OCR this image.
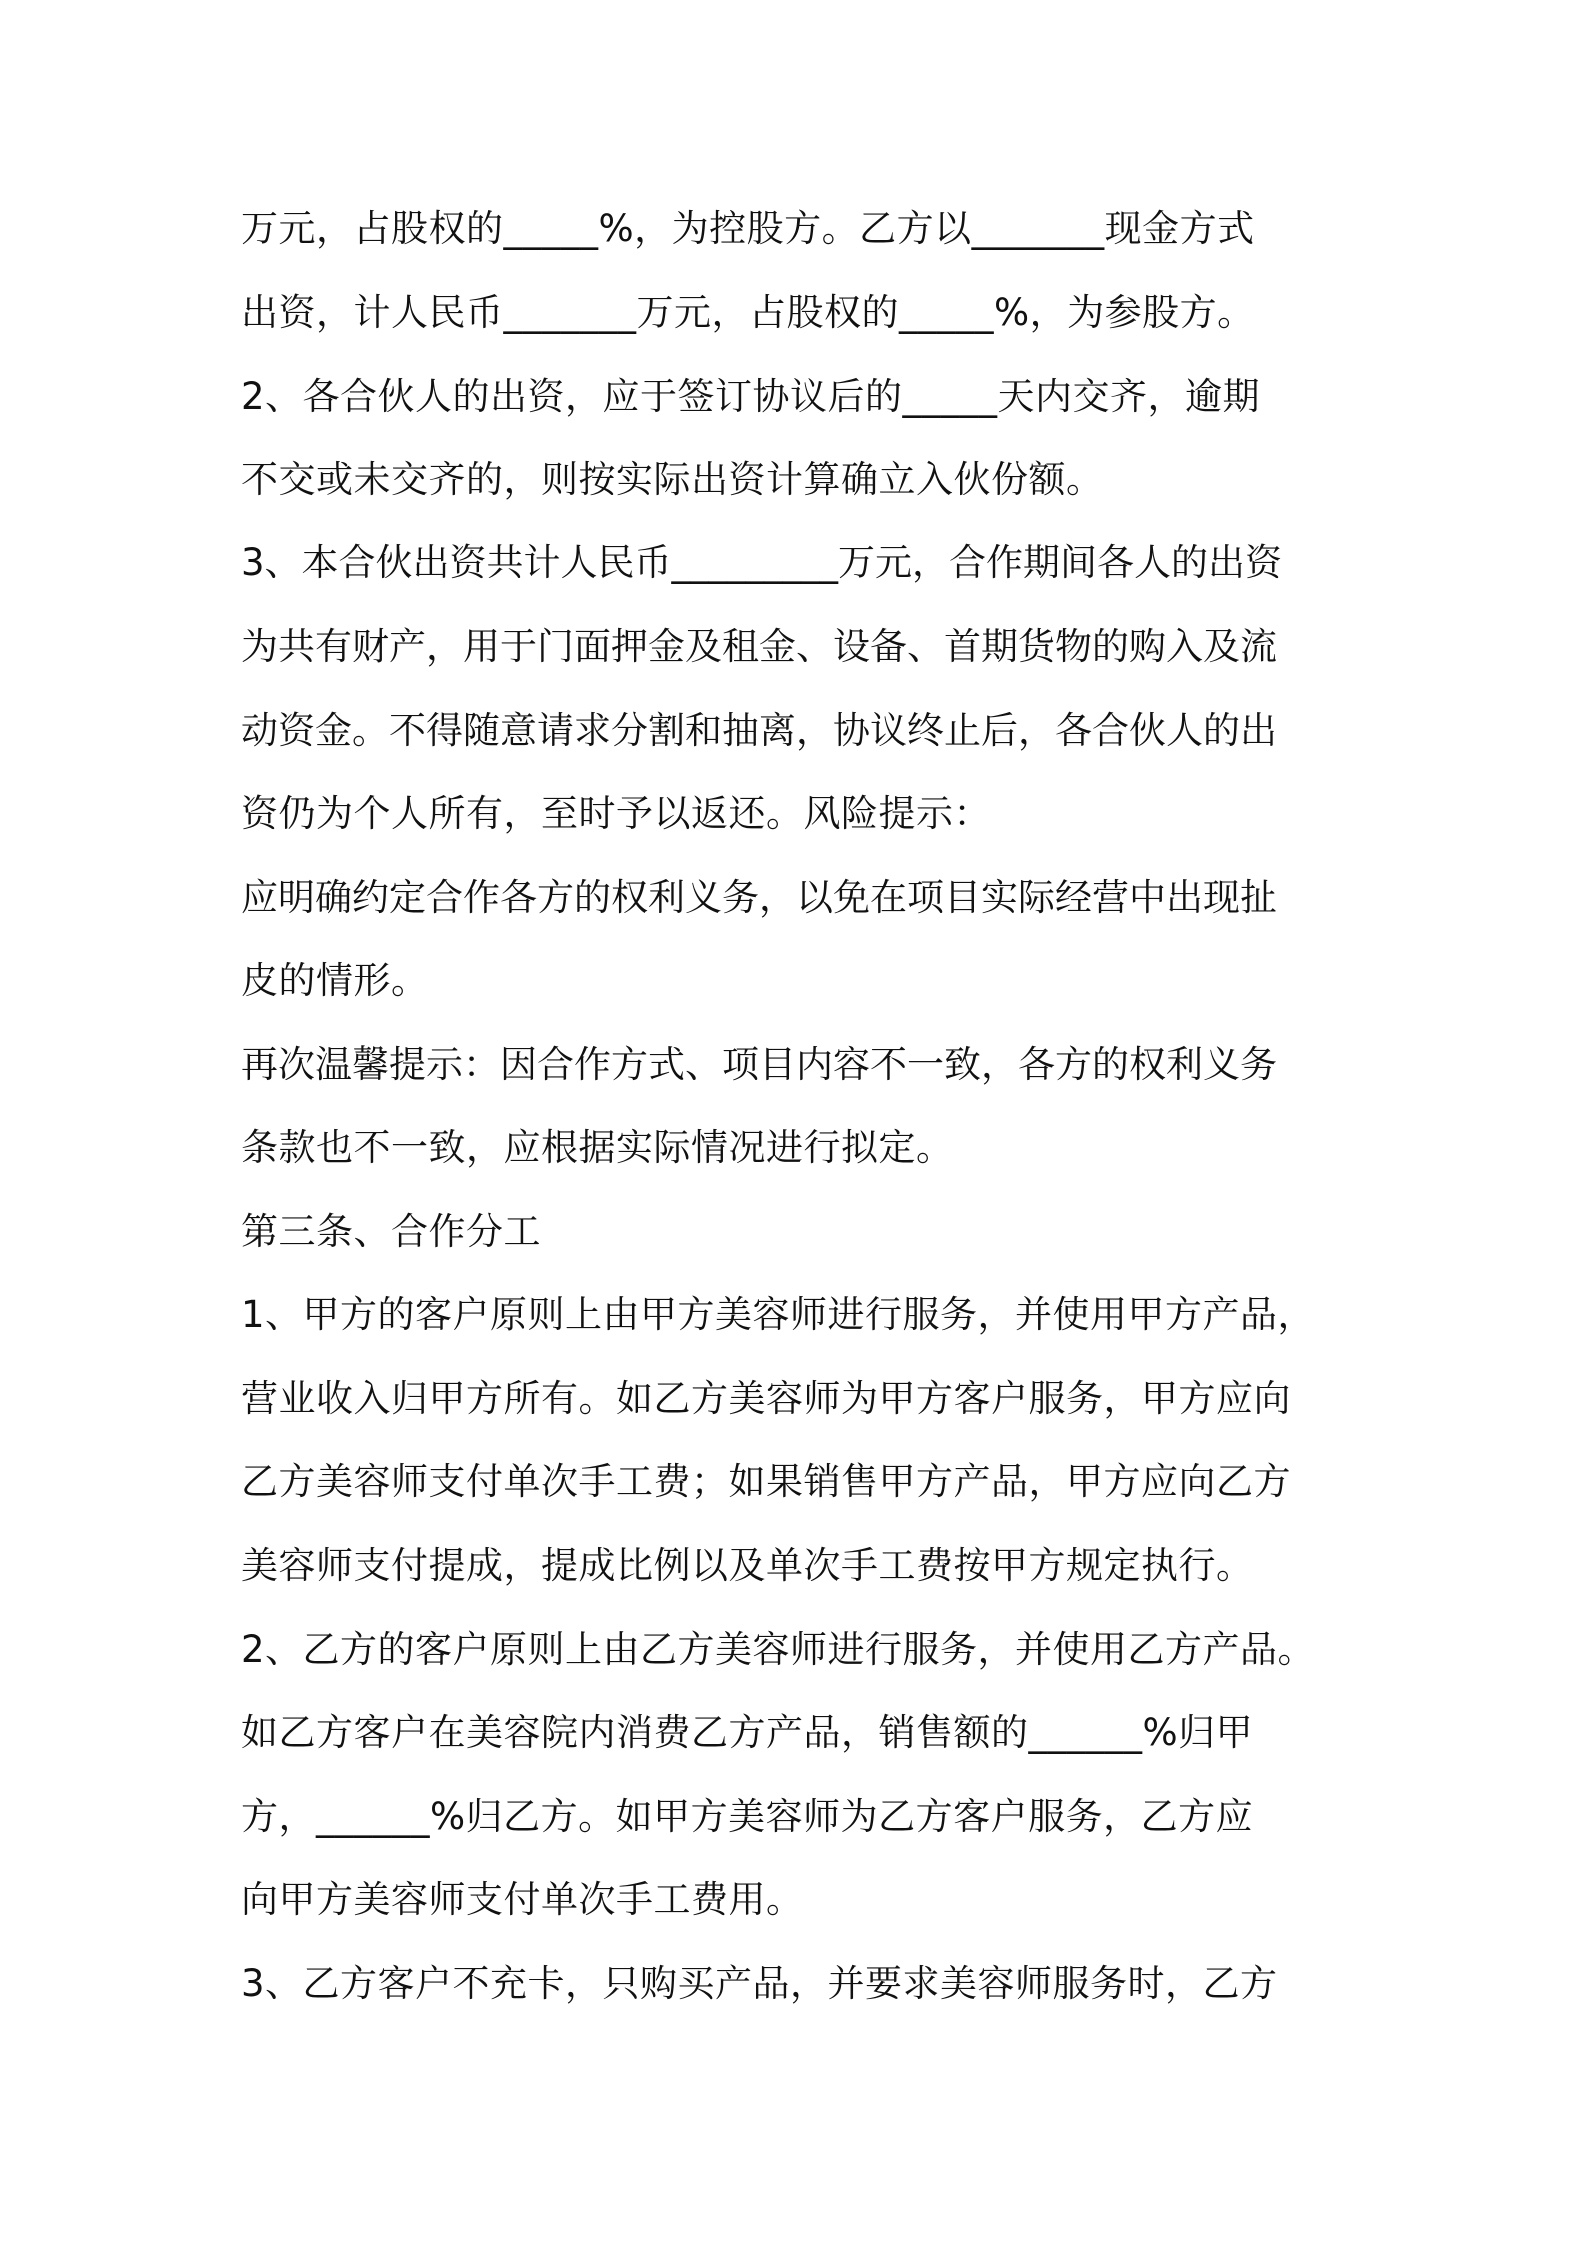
万元，占股权的_____%，为控股方。乙方以_______现金方式
出资，计人民币_______万元，占股权的_____%，为参股方。
2、各合伙人的出资，应于签订协议后的_____天内交齐，逾期
不交或未交齐的，则按实际出资计算确立入伙份额。
3、本合伙出资共计人民币_________万元，合作期间各人的出资
为共有财产，用于门面押金及租金、设备、首期货物的购入及流
动资金。不得随意请求分割和抽离，协议终止后，各合伙人的出
资仍为个人所有，至时予以返还。风险提示：
应明确约定合作各方的权利义务，以免在项目实际经营中出现扯
皮的情形。
再次温馨提示：因合作方式、项目内容不一致，各方的权利义务
条款也不一致，应根据实际情况进行拟定。
第三条、合作分工
1、甲方的客户原则上由甲方美容师进行服务，并使用甲方产品，
营业收入归甲方所有。如乙方美容师为甲方客户服务，甲方应向
乙方美容师支付单次手工费；如果销售甲方产品，甲方应向乙方
美容师支付提成，提成比例以及单次手工费按甲方规定执行。
2、乙方的客户原则上由乙方美容师进行服务，并使用乙方产品。
如乙方客户在美容院内消费乙方产品，销售额的______%归甲
方，______%归乙方。如甲方美容师为乙方客户服务，乙方应
向甲方美容师支付单次手工费用。
3、乙方客户不充卡，只购买产品，并要求美容师服务时，乙方
